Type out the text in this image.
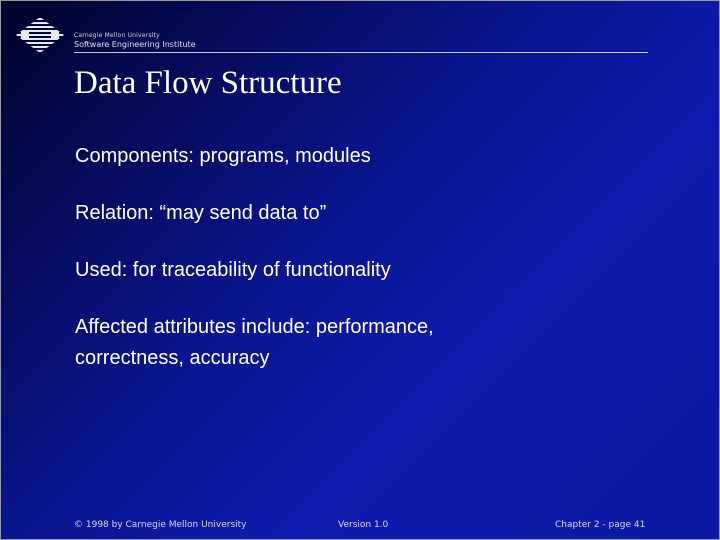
Carnegie Mellon University
Software Engineering Institute
Data Flow Structure
Components: programs, modules
Relation: “may send data to”
Used: for traceability of functionality
Affected attributes include: performance,
correctness, accuracy
© 1998 by Carnegie Mellon University	Version 1.0	Chapter 2 - page 41
